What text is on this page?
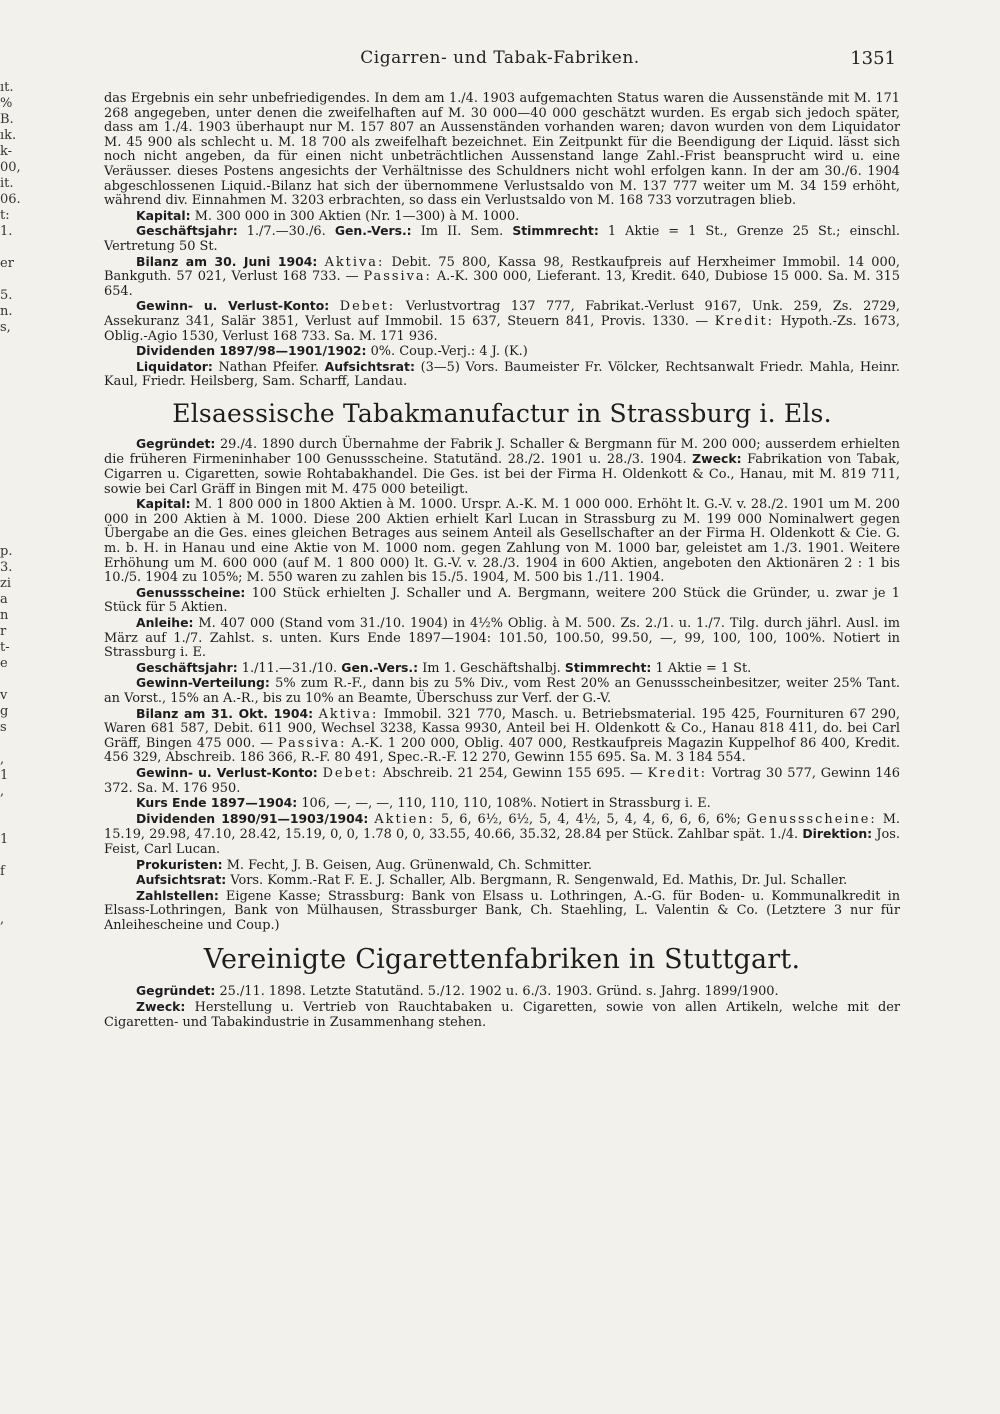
ıt.
%
B.
ık.
k-
00,
it.
06.
t:
1.
er
5.
n.
s,
p.
3.
zi
a
n
r
t-
e
v
g
s
,
1
,
1
f
,
Cigarren- und Tabak-Fabriken.	1351

das Ergebnis ein sehr unbefriedigendes. In dem am 1./4. 1903 aufgemachten Status waren die Aussenstände mit M. 171 268 angegeben, unter denen die zweifelhaften auf M. 30 000—40 000 geschätzt wurden. Es ergab sich jedoch später, dass am 1./4. 1903 überhaupt nur M. 157 807 an Aussenständen vorhanden waren; davon wurden von dem Liquidator M. 45 900 als schlecht u. M. 18 700 als zweifelhaft bezeichnet. Ein Zeitpunkt für die Beendigung der Liquid. lässt sich noch nicht angeben, da für einen nicht unbeträchtlichen Aussenstand lange Zahl.-Frist beansprucht wird u. eine Veräusser. dieses Postens angesichts der Verhältnisse des Schuldners nicht wohl erfolgen kann. In der am 30./6. 1904 abgeschlossenen Liquid.-Bilanz hat sich der übernommene Verlustsaldo von M. 137 777 weiter um M. 34 159 erhöht, während div. Einnahmen M. 3203 erbrachten, so dass ein Verlustsaldo von M. 168 733 vorzutragen blieb.

Kapital: M. 300 000 in 300 Aktien (Nr. 1—300) à M. 1000.

Geschäftsjahr: 1./7.—30./6. Gen.-Vers.: Im II. Sem. Stimmrecht: 1 Aktie = 1 St., Grenze 25 St.; einschl. Vertretung 50 St.

Bilanz am 30. Juni 1904: Aktiva: Debit. 75 800, Kassa 98, Restkaufpreis auf Herxheimer Immobil. 14 000, Bankguth. 57 021, Verlust 168 733. — Passiva: A.-K. 300 000, Lieferant. 13, Kredit. 640, Dubiose 15 000. Sa. M. 315 654.

Gewinn- u. Verlust-Konto: Debet: Verlustvortrag 137 777, Fabrikat.-Verlust 9167, Unk. 259, Zs. 2729, Assekuranz 341, Salär 3851, Verlust auf Immobil. 15 637, Steuern 841, Provis. 1330. — Kredit: Hypoth.-Zs. 1673, Oblig.-Agio 1530, Verlust 168 733. Sa. M. 171 936.

Dividenden 1897/98—1901/1902: 0%. Coup.-Verj.: 4 J. (K.)

Liquidator: Nathan Pfeifer. Aufsichtsrat: (3—5) Vors. Baumeister Fr. Völcker, Rechtsanwalt Friedr. Mahla, Heinr. Kaul, Friedr. Heilsberg, Sam. Scharff, Landau.

Elsaessische Tabakmanufactur in Strassburg i. Els.

Gegründet: 29./4. 1890 durch Übernahme der Fabrik J. Schaller & Bergmann für M. 200 000; ausserdem erhielten die früheren Firmeninhaber 100 Genussscheine. Statutänd. 28./2. 1901 u. 28./3. 1904. Zweck: Fabrikation von Tabak, Cigarren u. Cigaretten, sowie Rohtabakhandel. Die Ges. ist bei der Firma H. Oldenkott & Co., Hanau, mit M. 819 711, sowie bei Carl Gräff in Bingen mit M. 475 000 beteiligt.

Kapital: M. 1 800 000 in 1800 Aktien à M. 1000. Urspr. A.-K. M. 1 000 000. Erhöht lt. G.-V. v. 28./2. 1901 um M. 200 000 in 200 Aktien à M. 1000. Diese 200 Aktien erhielt Karl Lucan in Strassburg zu M. 199 000 Nominalwert gegen Übergabe an die Ges. eines gleichen Betrages aus seinem Anteil als Gesellschafter an der Firma H. Oldenkott & Cie. G. m. b. H. in Hanau und eine Aktie von M. 1000 nom. gegen Zahlung von M. 1000 bar, geleistet am 1./3. 1901. Weitere Erhöhung um M. 600 000 (auf M. 1 800 000) lt. G.-V. v. 28./3. 1904 in 600 Aktien, angeboten den Aktionären 2 : 1 bis 10./5. 1904 zu 105%; M. 550 waren zu zahlen bis 15./5. 1904, M. 500 bis 1./11. 1904.

Genussscheine: 100 Stück erhielten J. Schaller und A. Bergmann, weitere 200 Stück die Gründer, u. zwar je 1 Stück für 5 Aktien.

Anleihe: M. 407 000 (Stand vom 31./10. 1904) in 4½% Oblig. à M. 500. Zs. 2./1. u. 1./7. Tilg. durch jährl. Ausl. im März auf 1./7. Zahlst. s. unten. Kurs Ende 1897—1904: 101.50, 100.50, 99.50, —, 99, 100, 100, 100%. Notiert in Strassburg i. E.

Geschäftsjahr: 1./11.—31./10. Gen.-Vers.: Im 1. Geschäftshalbj. Stimmrecht: 1 Aktie = 1 St.

Gewinn-Verteilung: 5% zum R.-F., dann bis zu 5% Div., vom Rest 20% an Genussscheinbesitzer, weiter 25% Tant. an Vorst., 15% an A.-R., bis zu 10% an Beamte, Überschuss zur Verf. der G.-V.

Bilanz am 31. Okt. 1904: Aktiva: Immobil. 321 770, Masch. u. Betriebsmaterial. 195 425, Fournituren 67 290, Waren 681 587, Debit. 611 900, Wechsel 3238, Kassa 9930, Anteil bei H. Oldenkott & Co., Hanau 818 411, do. bei Carl Gräff, Bingen 475 000. — Passiva: A.-K. 1 200 000, Oblig. 407 000, Restkaufpreis Magazin Kuppelhof 86 400, Kredit. 456 329, Abschreib. 186 366, R.-F. 80 491, Spec.-R.-F. 12 270, Gewinn 155 695. Sa. M. 3 184 554.

Gewinn- u. Verlust-Konto: Debet: Abschreib. 21 254, Gewinn 155 695. — Kredit: Vortrag 30 577, Gewinn 146 372. Sa. M. 176 950.

Kurs Ende 1897—1904: 106, —, —, —, 110, 110, 110, 108%. Notiert in Strassburg i. E.

Dividenden 1890/91—1903/1904: Aktien: 5, 6, 6½, 6½, 5, 4, 4½, 5, 4, 4, 6, 6, 6, 6%; Genussscheine: M. 15.19, 29.98, 47.10, 28.42, 15.19, 0, 0, 1.78 0, 0, 33.55, 40.66, 35.32, 28.84 per Stück. Zahlbar spät. 1./4. Direktion: Jos. Feist, Carl Lucan.

Prokuristen: M. Fecht, J. B. Geisen, Aug. Grünenwald, Ch. Schmitter.

Aufsichtsrat: Vors. Komm.-Rat F. E. J. Schaller, Alb. Bergmann, R. Sengenwald, Ed. Mathis, Dr. Jul. Schaller.

Zahlstellen: Eigene Kasse; Strassburg: Bank von Elsass u. Lothringen, A.-G. für Boden- u. Kommunalkredit in Elsass-Lothringen, Bank von Mülhausen, Strassburger Bank, Ch. Staehling, L. Valentin & Co. (Letztere 3 nur für Anleihescheine und Coup.)

Vereinigte Cigarettenfabriken in Stuttgart.

Gegründet: 25./11. 1898. Letzte Statutänd. 5./12. 1902 u. 6./3. 1903. Gründ. s. Jahrg. 1899/1900.

Zweck: Herstellung u. Vertrieb von Rauchtabaken u. Cigaretten, sowie von allen Artikeln, welche mit der Cigaretten- und Tabakindustrie in Zusammenhang stehen.
